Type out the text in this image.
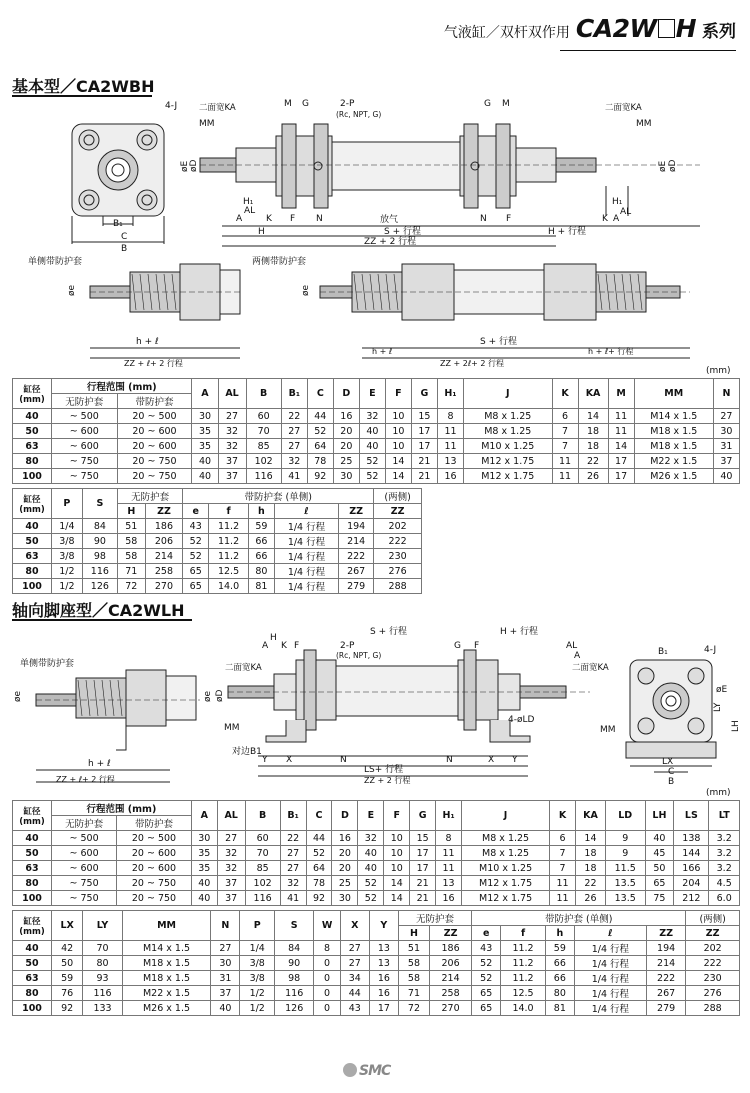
气液缸／双杆双作用 CA2W H 系列
基本型／CA2WBH
4-J
B₁
C
B
二面宽KA
MM
二面宽KA
MM
M G	2-P
(Rc, NPT, G)
G M
A
AL
K F N	放气	N F
S + 行程
H
ZZ + 2 行程
H + 行程
H₁	H₁
AL
A
K
øE øD	øE øD
单侧带防护套	两侧带防护套
øe	øe
h + ℓ
ZZ + ℓ+ 2 行程
S + 行程
h + ℓ	h + ℓ+ 行程
ZZ + 2ℓ+ 2 行程
(mm)
缸径
(mm)	行程范围 (mm)		A	AL	B	B₁	C	D	E	F	G	H₁	J	K	KA	M	MM	N
	无防护套	带防护套																
40	~ 500	20 ~ 500	30	27	60	22	44	16	32	10	15	8	M8 x 1.25	6	14	11	M14 x 1.5	27
50	~ 600	20 ~ 600	35	32	70	27	52	20	40	10	17	11	M8 x 1.25	7	18	11	M18 x 1.5	30
63	~ 600	20 ~ 600	35	32	85	27	64	20	40	10	17	11	M10 x 1.25	7	18	14	M18 x 1.5	31
80	~ 750	20 ~ 750	40	37	102	32	78	25	52	14	21	13	M12 x 1.75	11	22	17	M22 x 1.5	37
100	~ 750	20 ~ 750	40	37	116	41	92	30	52	14	21	16	M12 x 1.75	11	26	17	M26 x 1.5	40
缸径
(mm)	P	S	无防护套		带防护套 (单侧)					(两侧)
			H	ZZ	e	f	h	ℓ	ZZ	ZZ
40	1/4	84	51	186	43	11.2	59	1/4 行程	194	202
50	3/8	90	58	206	52	11.2	66	1/4 行程	214	222
63	3/8	98	58	214	52	11.2	66	1/4 行程	222	230
80	1/2	116	71	258	65	12.5	80	1/4 行程	267	276
100	1/2	126	72	270	65	14.0	81	1/4 行程	279	288
轴向脚座型／CA2WLH
单侧带防护套
øe
h + ℓ
ZZ + ℓ+ 2 行程
H
A K F
S + 行程
2-P
(Rc, NPT, G)
H + 行程
G F	AL
A
二面宽KA	二面宽KA
MM	MM
4-øLD
对边B1
Y X	N	N	X Y
LS+ 行程
ZZ + 2 行程
B₁	4-J
øE
LY
LH
LX
C
B
øe øD
(mm)
缸径
(mm)	行程范围 (mm)		A	AL	B	B₁	C	D	E	F	G	H₁	J	K	KA	LD	LH	LS	LT
	无防护套	带防护套																	
40	~ 500	20 ~ 500	30	27	60	22	44	16	32	10	15	8	M8 x 1.25	6	14	9	40	138	3.2
50	~ 600	20 ~ 600	35	32	70	27	52	20	40	10	17	11	M8 x 1.25	7	18	9	45	144	3.2
63	~ 600	20 ~ 600	35	32	85	27	64	20	40	10	17	11	M10 x 1.25	7	18	11.5	50	166	3.2
80	~ 750	20 ~ 750	40	37	102	32	78	25	52	14	21	13	M12 x 1.75	11	22	13.5	65	204	4.5
100	~ 750	20 ~ 750	40	37	116	41	92	30	52	14	21	16	M12 x 1.75	11	26	13.5	75	212	6.0
缸径
(mm)	LX	LY	MM	N	P	S	W	X	Y	无防护套		带防护套 (单侧)					(两侧)
										H	ZZ	e	f	h	ℓ	ZZ	ZZ
40	42	70	M14 x 1.5	27	1/4	84	8	27	13	51	186	43	11.2	59	1/4 行程	194	202
50	50	80	M18 x 1.5	30	3/8	90	0	27	13	58	206	52	11.2	66	1/4 行程	214	222
63	59	93	M18 x 1.5	31	3/8	98	0	34	16	58	214	52	11.2	66	1/4 行程	222	230
80	76	116	M22 x 1.5	37	1/2	116	0	44	16	71	258	65	12.5	80	1/4 行程	267	276
100	92	133	M26 x 1.5	40	1/2	126	0	43	17	72	270	65	14.0	81	1/4 行程	279	288
SMC
